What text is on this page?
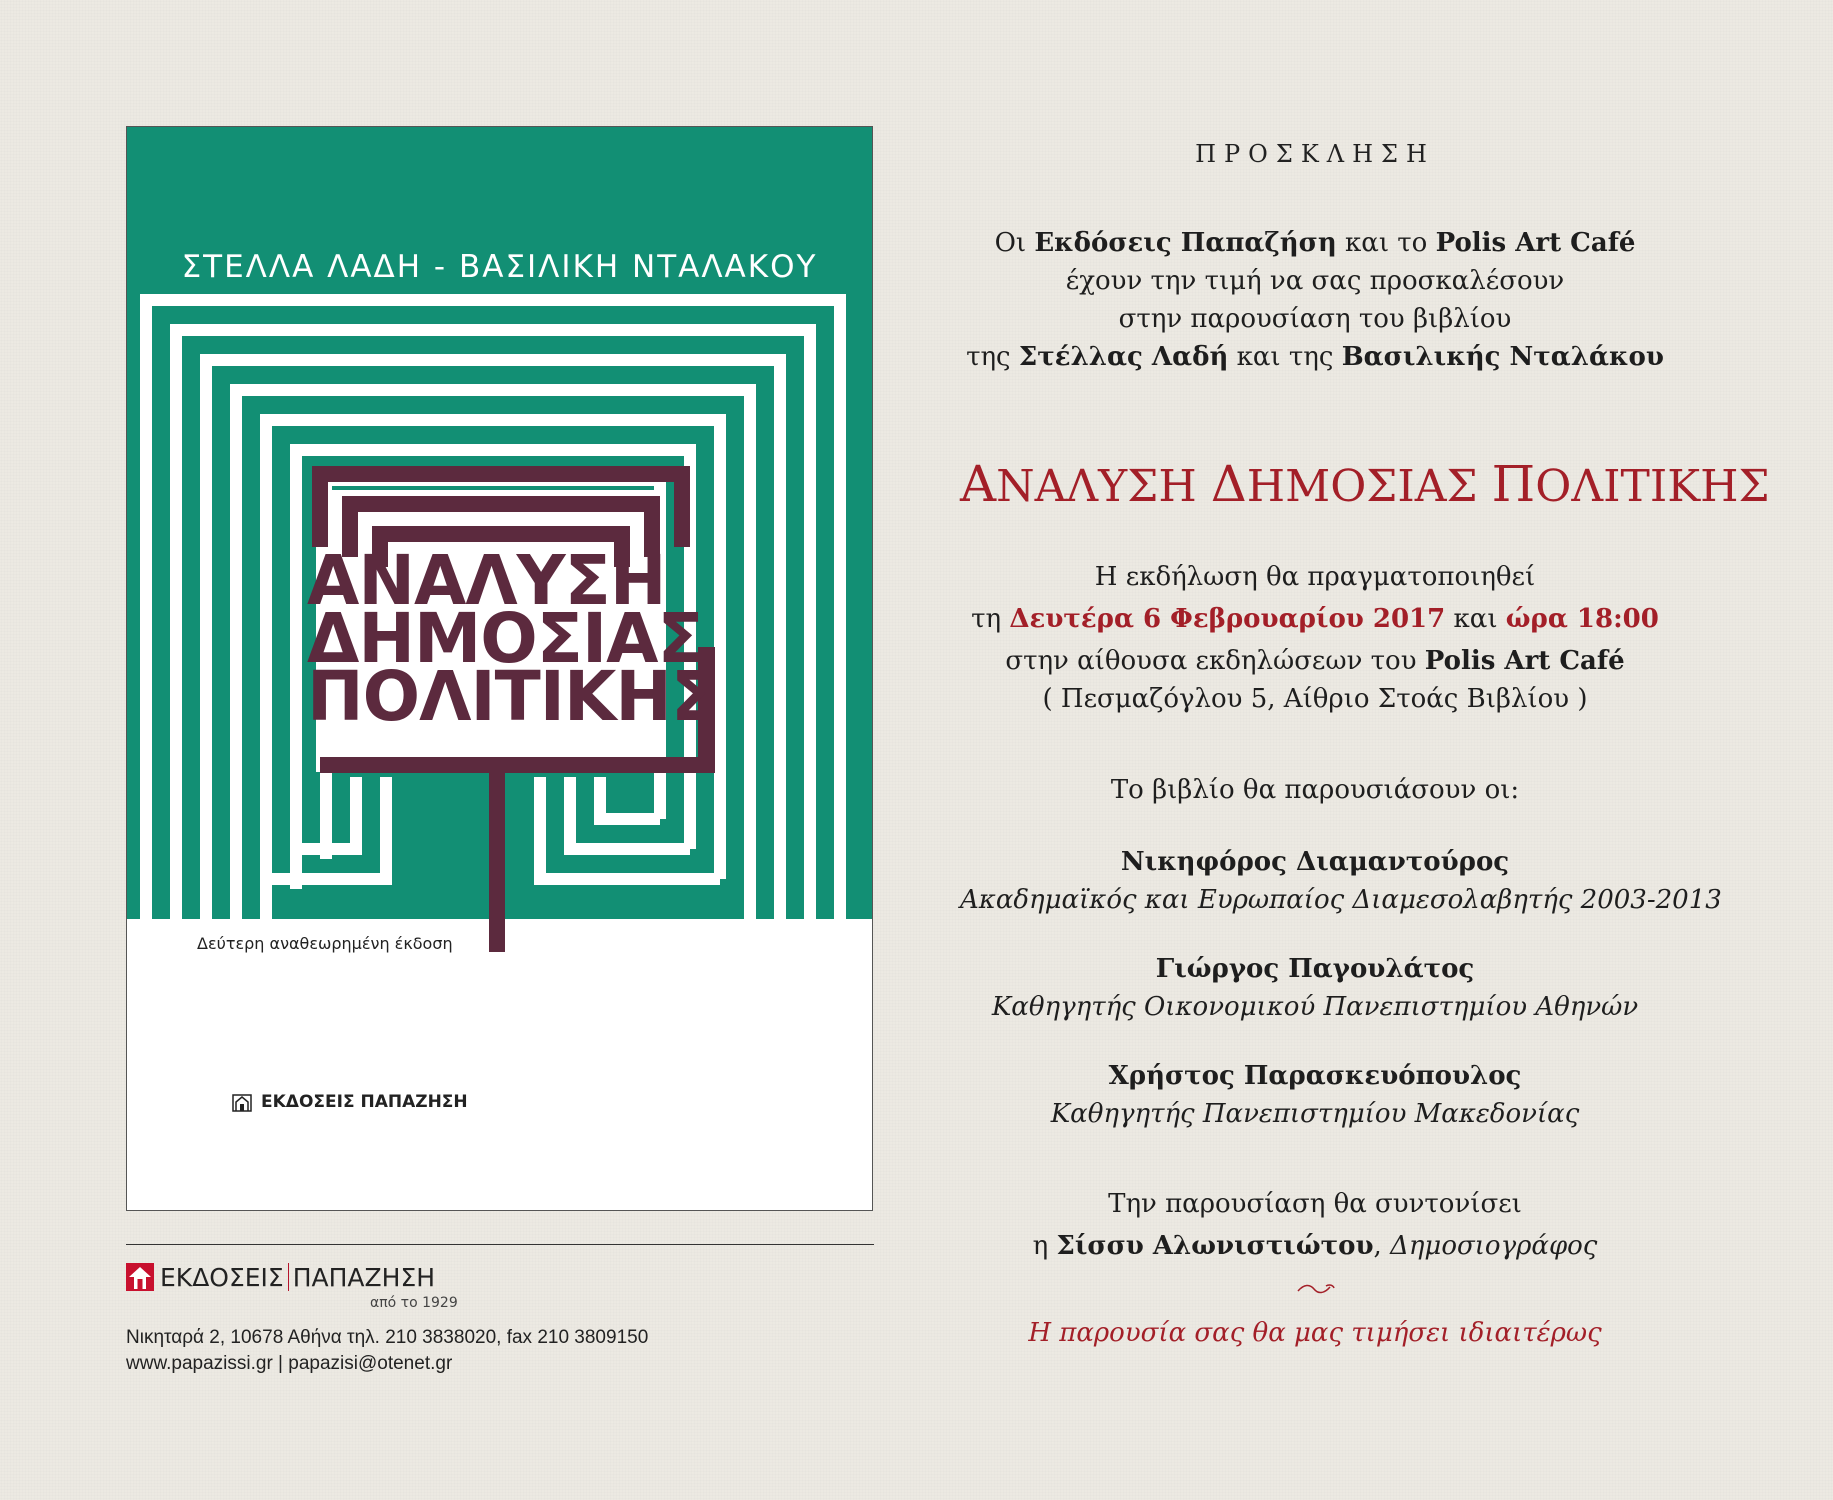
ΣΤΕΛΛΑ ΛΑΔΗ - ΒΑΣΙΛΙΚΗ ΝΤΑΛΑΚΟΥ
ΑΝΑΛΥΣΗ
ΔΗΜΟΣΙΑΣ
ΠΟΛΙΤΙΚΗΣ
Δεύτερη αναθεωρημένη έκδοση
ΕΚΔΟΣΕΙΣ ΠΑΠΑΖΗΣΗ
ΕΚΔΟΣΕΙΣ ΠΑΠΑΖΗΣΗ
από το 1929
Νικηταρά 2, 10678 Αθήνα τηλ. 210 3838020, fax 210 3809150
www.papazissi.gr | papazisi@otenet.gr
ΠΡΟΣΚΛΗΣΗ
Οι Εκδόσεις Παπαζήση και το Polis Art Café
έχουν την τιμή να σας προσκαλέσουν
στην παρουσίαση του βιβλίου
της Στέλλας Λαδή και της Βασιλικής Νταλάκου
ΑΝΑΛΥΣΗ ΔΗΜΟΣΙΑΣ ΠΟΛΙΤΙΚΗΣ
Η εκδήλωση θα πραγματοποιηθεί
τη Δευτέρα 6 Φεβρουαρίου 2017 και ώρα 18:00
στην αίθουσα εκδηλώσεων του Polis Art Café
( Πεσμαζόγλου 5, Αίθριο Στοάς Βιβλίου )
Το βιβλίο θα παρουσιάσουν οι:
Νικηφόρος Διαμαντούρος
Ακαδημαϊκός και Ευρωπαίος Διαμεσολαβητής 2003-2013
Γιώργος Παγουλάτος
Καθηγητής Οικονομικού Πανεπιστημίου Αθηνών
Χρήστος Παρασκευόπουλος
Καθηγητής Πανεπιστημίου Μακεδονίας
Την παρουσίαση θα συντονίσει
η Σίσσυ Αλωνιστιώτου, Δημοσιογράφος
Η παρουσία σας θα μας τιμήσει ιδιαιτέρως
